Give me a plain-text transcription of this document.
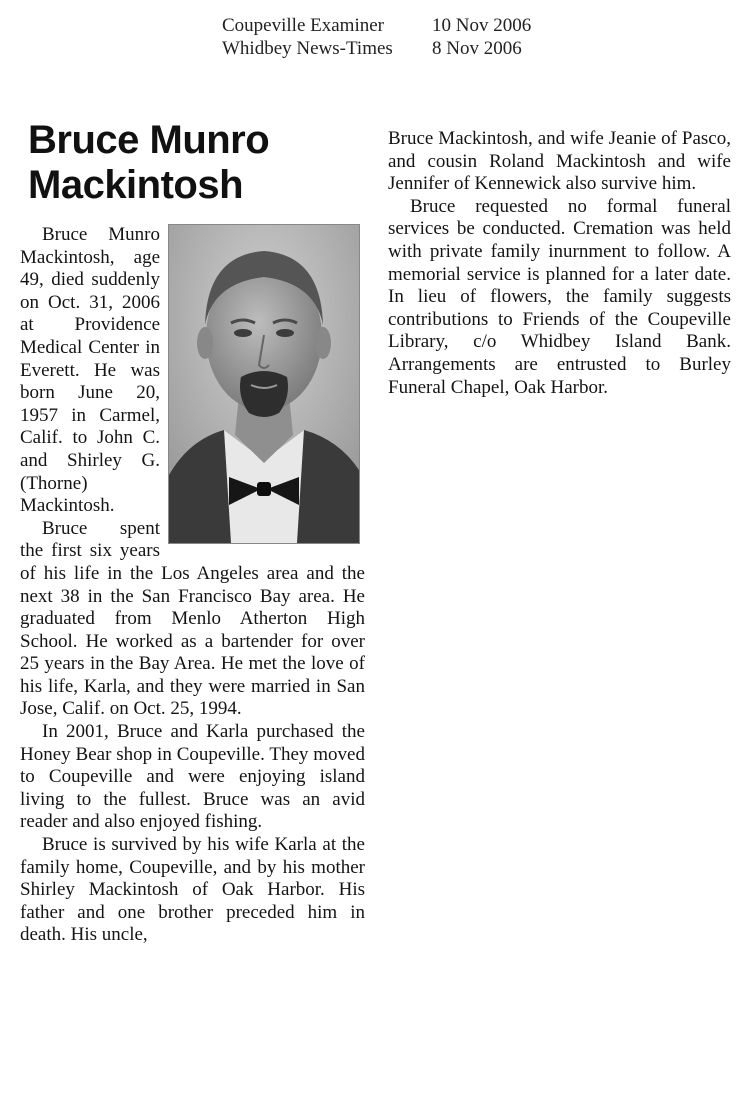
Coupeville Examiner	10 Nov 2006
Whidbey News-Times	8 Nov 2006
Bruce Munro
Mackintosh

Bruce Munro Mackintosh, age 49, died suddenly on Oct. 31, 2006 at Providence Medical Center in Everett. He was born June 20, 1957 in Carmel, Calif. to John C. and Shirley G. (Thorne) Mackintosh.

Bruce spent the first six years of his life in the Los Angeles area and the next 38 in the San Francisco Bay area. He graduated from Menlo Atherton High School. He worked as a bartender for over 25 years in the Bay Area. He met the love of his life, Karla, and they were married in San Jose, Calif. on Oct. 25, 1994.

In 2001, Bruce and Karla purchased the Honey Bear shop in Coupeville. They moved to Coupeville and were enjoying island living to the fullest. Bruce was an avid reader and also enjoyed fishing.

Bruce is survived by his wife Karla at the family home, Coupeville, and by his mother Shirley Mackintosh of Oak Harbor. His father and one brother preceded him in death. His uncle,

Bruce Mackintosh, and wife Jeanie of Pasco, and cousin Roland Mackintosh and wife Jennifer of Kennewick also survive him.

Bruce requested no formal funeral services be conducted. Cremation was held with private family inurnment to follow. A memorial service is planned for a later date. In lieu of flowers, the family suggests contributions to Friends of the Coupeville Library, c/o Whidbey Island Bank. Arrangements are entrusted to Burley Funeral Chapel, Oak Harbor.
